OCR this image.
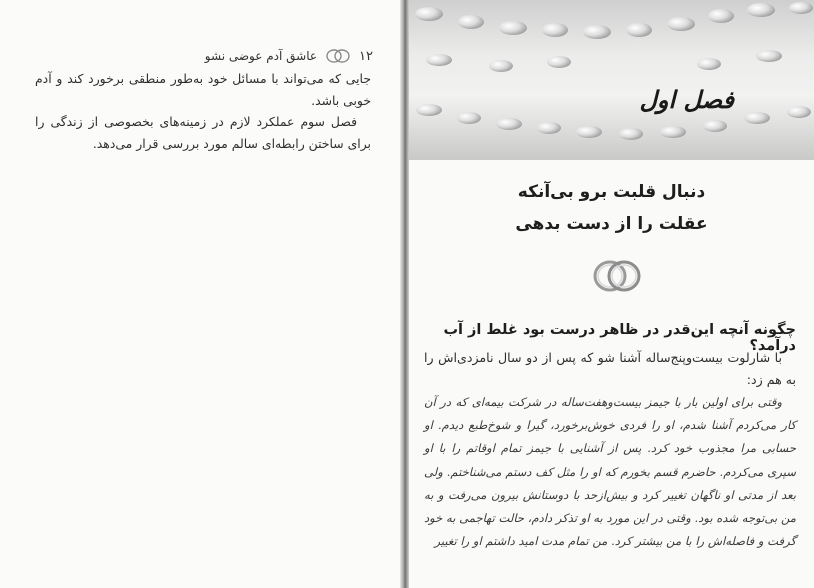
۱۲
عاشق آدم عوضی نشو

جایی که می‌تواند با مسائل خود به‌طور منطقی برخورد کند و آدم خوبی باشد.

فصل سوم عملکرد لازم در زمینه‌های بخصوصی از زندگی را برای ساختن رابطه‌ای سالم مورد بررسی قرار می‌دهد.

فصل اول
دنبال قلبت برو بی‌آنکه
عقلت را از دست بدهی
چگونه آنچه این‌قدر در ظاهر درست بود غلط از آب درآمد؟

با شارلوت بیست‌وپنج‌ساله آشنا شو که پس از دو سال نامزدی‌اش را به هم زد:

وقتی برای اولین بار با جیمز بیست‌وهفت‌ساله در شرکت بیمه‌ای که در آن کار می‌کردم آشنا شدم، او را فردی خوش‌برخورد، گیرا و شوخ‌طبع دیدم. او حسابی مرا مجذوب خود کرد. پس از آشنایی با جیمز تمام اوقاتم را با او سپری می‌کردم. حاضرم قسم بخورم که او را مثل کف دستم می‌شناختم. ولی بعد از مدتی او ناگهان تغییر کرد و بیش‌ازحد با دوستانش بیرون می‌رفت و به من بی‌توجه شده بود. وقتی در این مورد به او تذکر دادم، حالت تهاجمی به خود گرفت و فاصله‌اش را با من بیشتر کرد. من تمام مدت امید داشتم او را تغییر
